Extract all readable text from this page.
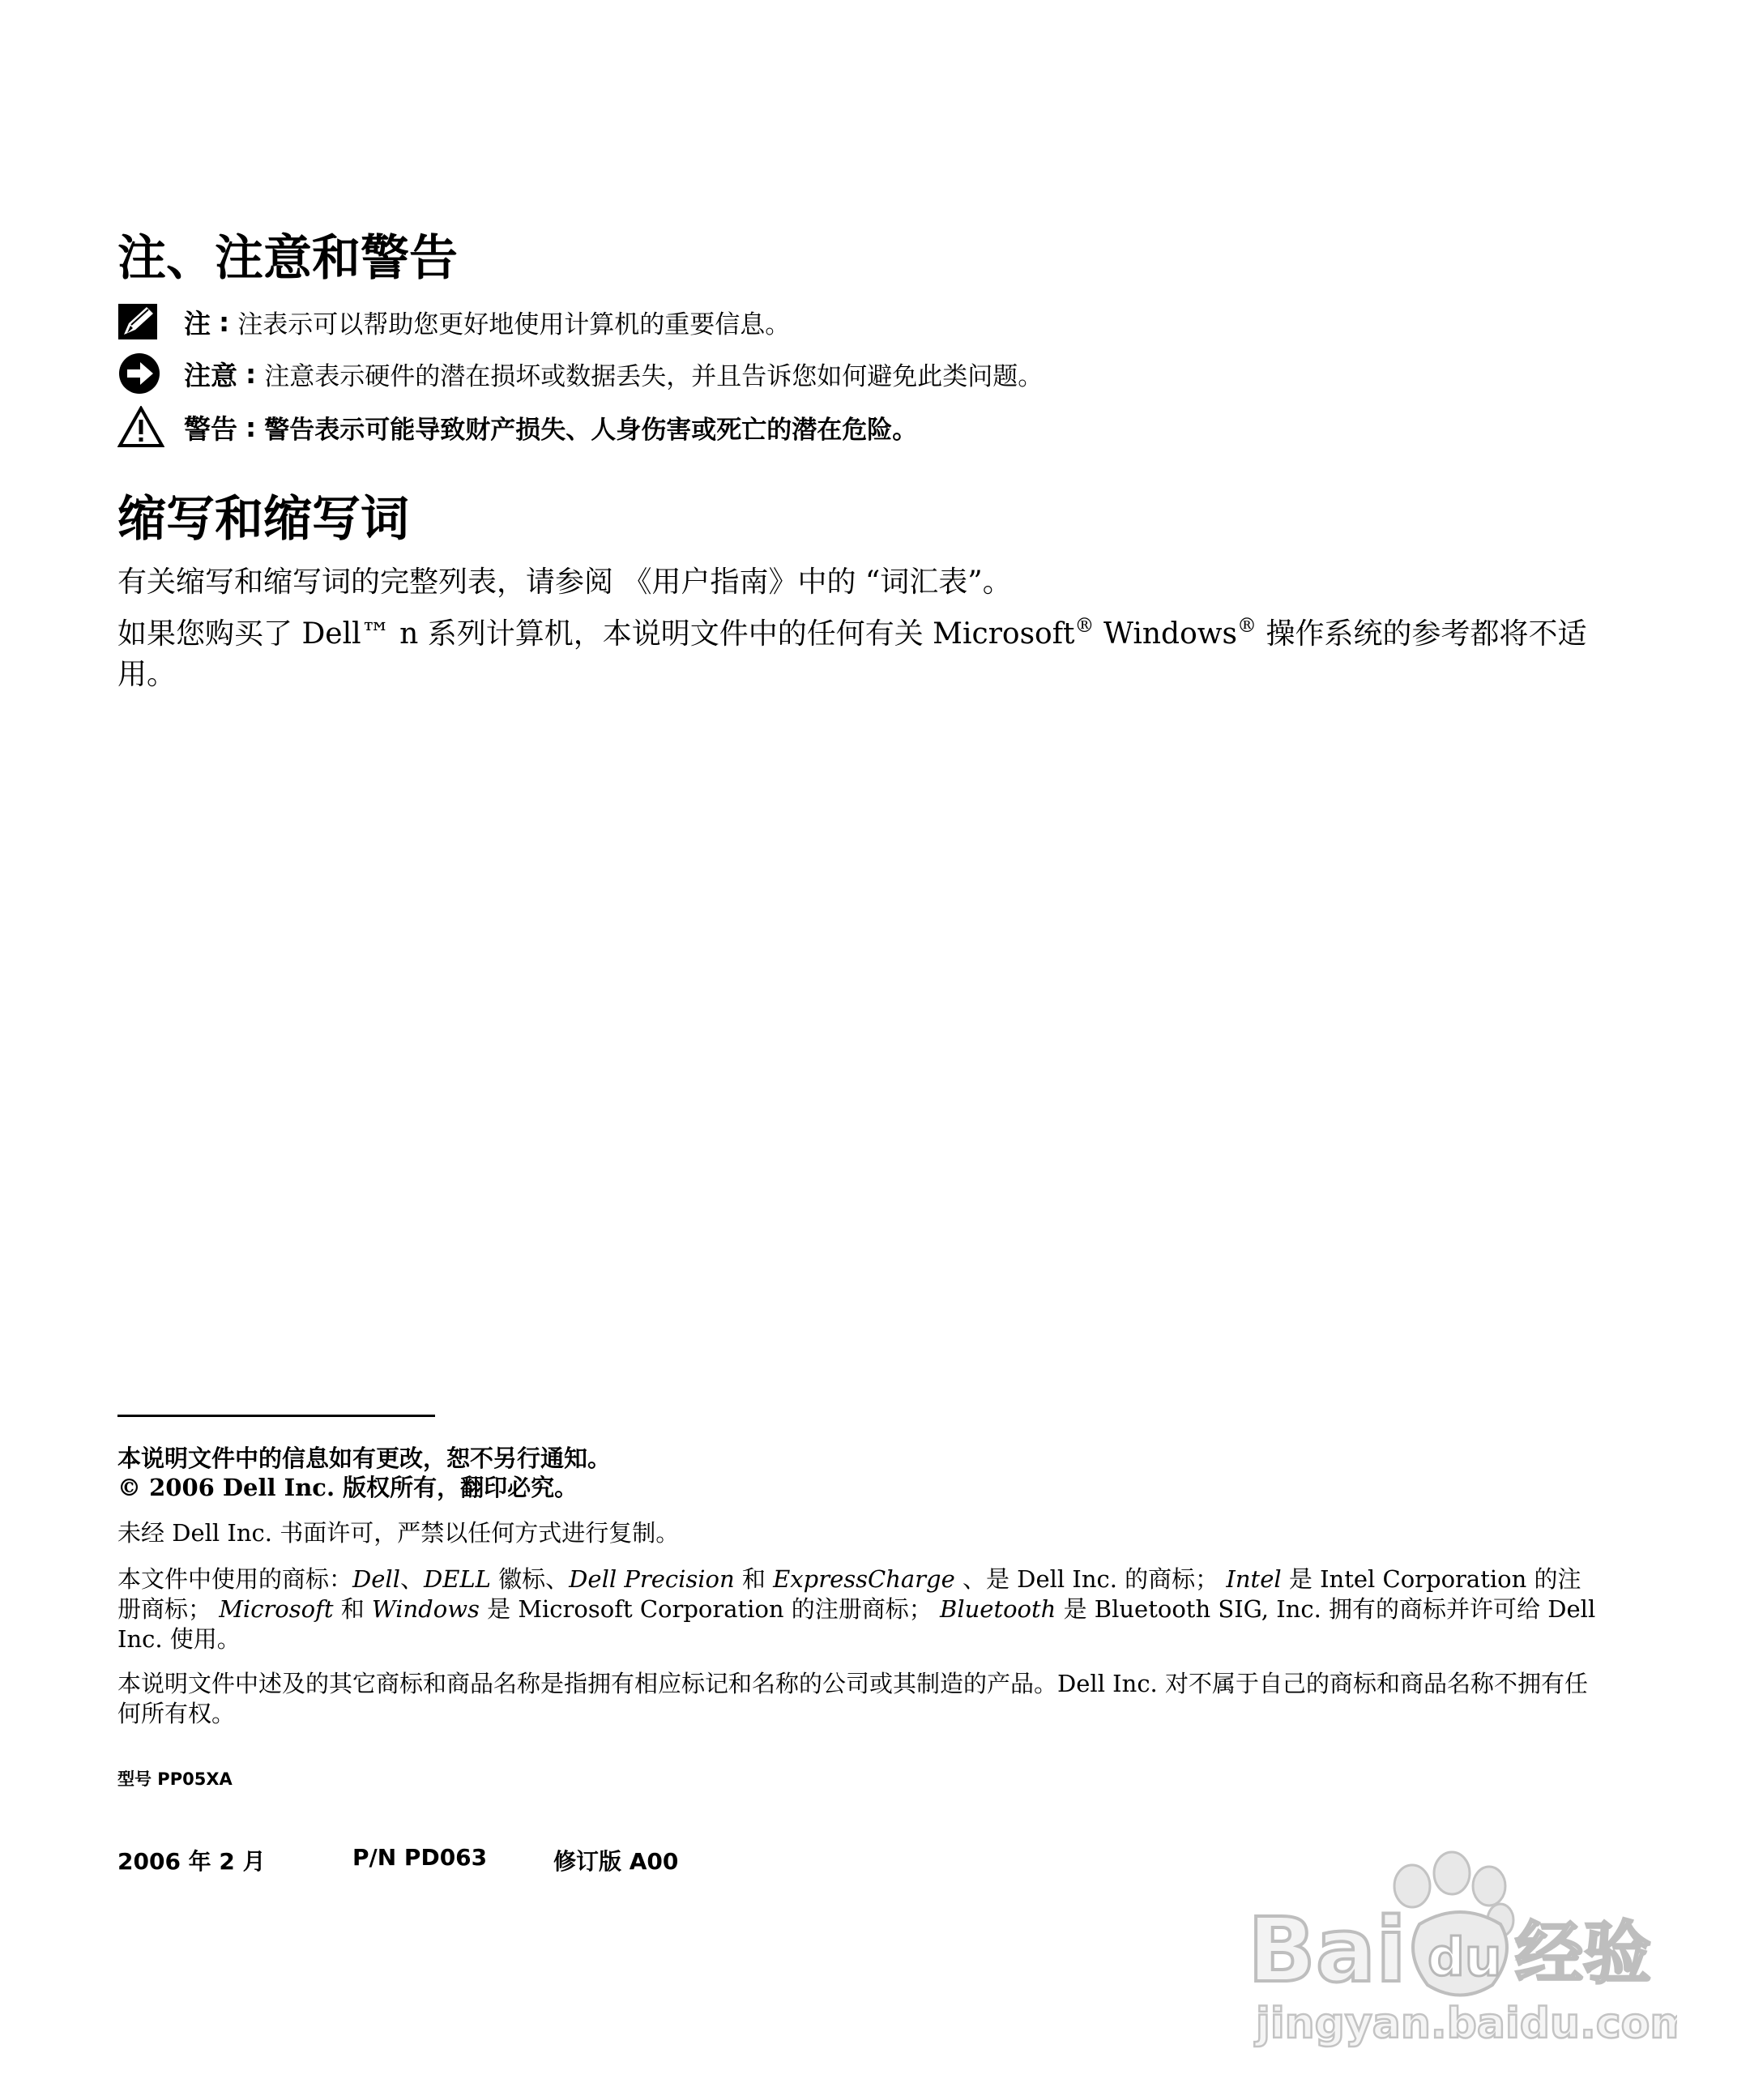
注、注意和警告
注 : 注表示可以帮助您更好地使用计算机的重要信息。
注意 : 注意表示硬件的潜在损坏或数据丢失，并且告诉您如何避免此类问题。
警告 : 警告表示可能导致财产损失、人身伤害或死亡的潜在危险。
缩写和缩写词
有关缩写和缩写词的完整列表，请参阅 《用户指南》中的 “词汇表”。
如果您购买了 Dell™ n 系列计算机，本说明文件中的任何有关 Microsoft® Windows® 操作系统的参考都将不适用。
本说明文件中的信息如有更改，恕不另行通知。
© 2006 Dell Inc. 版权所有，翻印必究。
未经 Dell Inc. 书面许可，严禁以任何方式进行复制。
本文件中使用的商标：Dell、DELL 徽标、Dell Precision 和 ExpressCharge 、是 Dell Inc. 的商标； Intel 是 Intel Corporation 的注册商标； Microsoft 和 Windows 是 Microsoft Corporation 的注册商标； Bluetooth 是 Bluetooth SIG, Inc. 拥有的商标并许可给 Dell Inc. 使用。
本说明文件中述及的其它商标和商品名称是指拥有相应标记和名称的公司或其制造的产品。Dell Inc. 对不属于自己的商标和商品名称不拥有任何所有权。
型号 PP05XA
2006 年 2 月	P/N PD063	修订版 A00
Bai du 经验
jingyan.baidu.com
